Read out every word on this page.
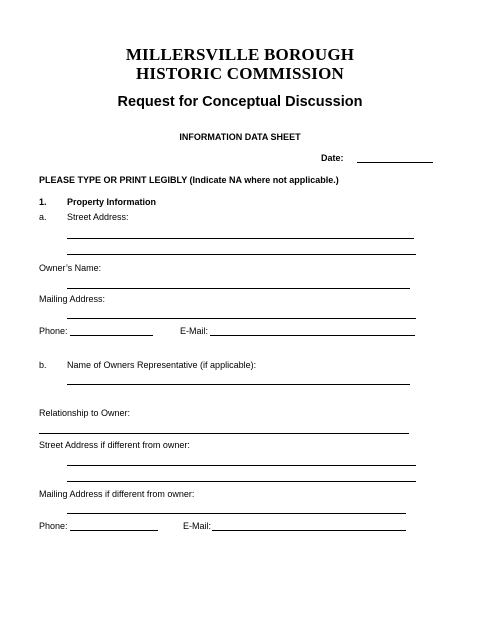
MILLERSVILLE BOROUGH
HISTORIC COMMISSION
Request for Conceptual Discussion
INFORMATION DATA SHEET
Date:
PLEASE TYPE OR PRINT LEGIBLY (Indicate NA where not applicable.)
1. Property Information
a. Street Address:
Owner’s Name:
Mailing Address:
Phone:	E-Mail:
b. Name of Owners Representative (if applicable):
Relationship to Owner:
Street Address if different from owner:
Mailing Address if different from owner:
Phone:	E-Mail:
